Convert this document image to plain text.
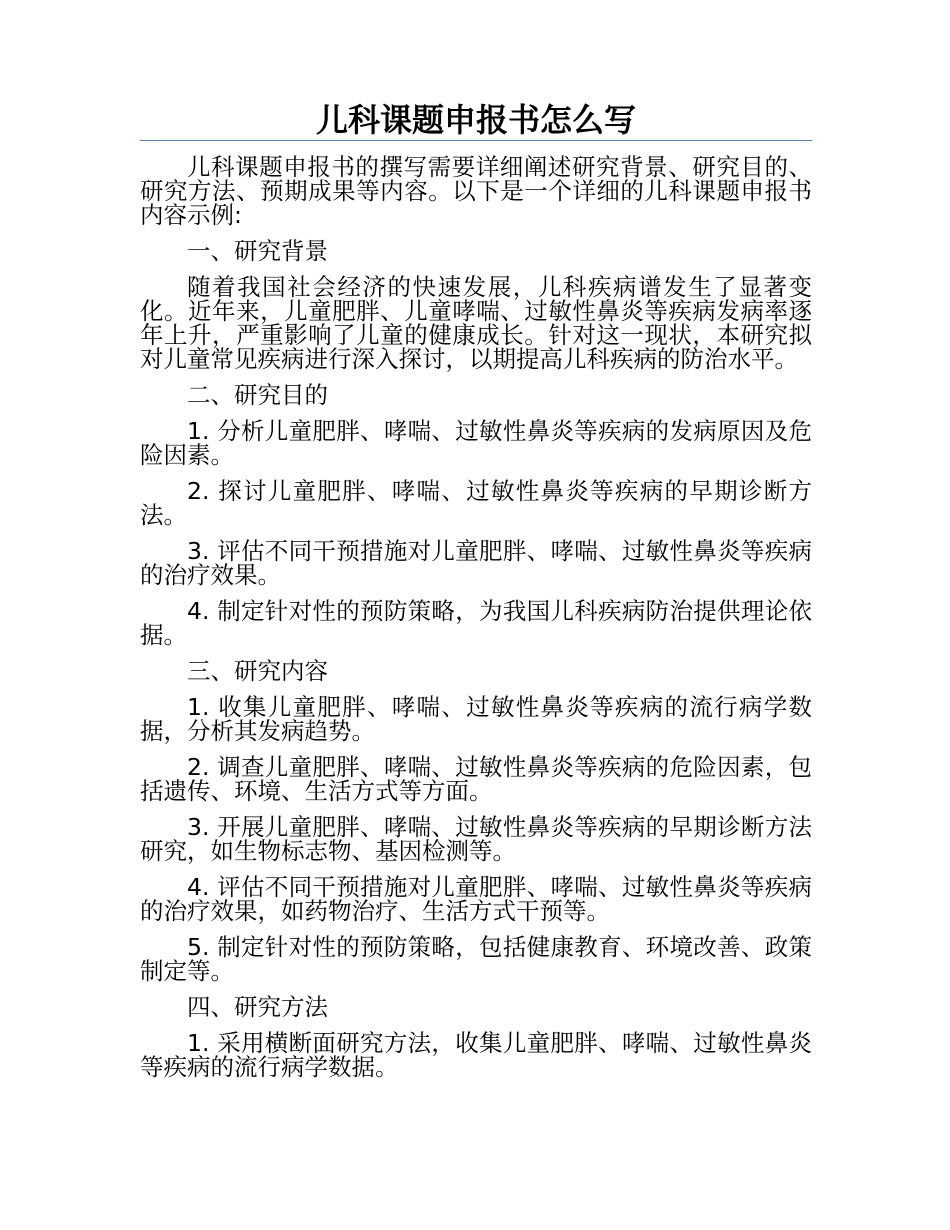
儿科课题申报书怎么写

儿科课题申报书的撰写需要详细阐述研究背景、研究目的、研究方法、预期成果等内容。以下是一个详细的儿科课题申报书内容示例:

一、研究背景

随着我国社会经济的快速发展，儿科疾病谱发生了显著变化。近年来，儿童肥胖、儿童哮喘、过敏性鼻炎等疾病发病率逐年上升，严重影响了儿童的健康成长。针对这一现状，本研究拟对儿童常见疾病进行深入探讨，以期提高儿科疾病的防治水平。

二、研究目的

1. 分析儿童肥胖、哮喘、过敏性鼻炎等疾病的发病原因及危险因素。

2. 探讨儿童肥胖、哮喘、过敏性鼻炎等疾病的早期诊断方法。

3. 评估不同干预措施对儿童肥胖、哮喘、过敏性鼻炎等疾病的治疗效果。

4. 制定针对性的预防策略，为我国儿科疾病防治提供理论依据。

三、研究内容

1. 收集儿童肥胖、哮喘、过敏性鼻炎等疾病的流行病学数据，分析其发病趋势。

2. 调查儿童肥胖、哮喘、过敏性鼻炎等疾病的危险因素，包括遗传、环境、生活方式等方面。

3. 开展儿童肥胖、哮喘、过敏性鼻炎等疾病的早期诊断方法研究，如生物标志物、基因检测等。

4. 评估不同干预措施对儿童肥胖、哮喘、过敏性鼻炎等疾病的治疗效果，如药物治疗、生活方式干预等。

5. 制定针对性的预防策略，包括健康教育、环境改善、政策制定等。

四、研究方法

1. 采用横断面研究方法，收集儿童肥胖、哮喘、过敏性鼻炎等疾病的流行病学数据。
